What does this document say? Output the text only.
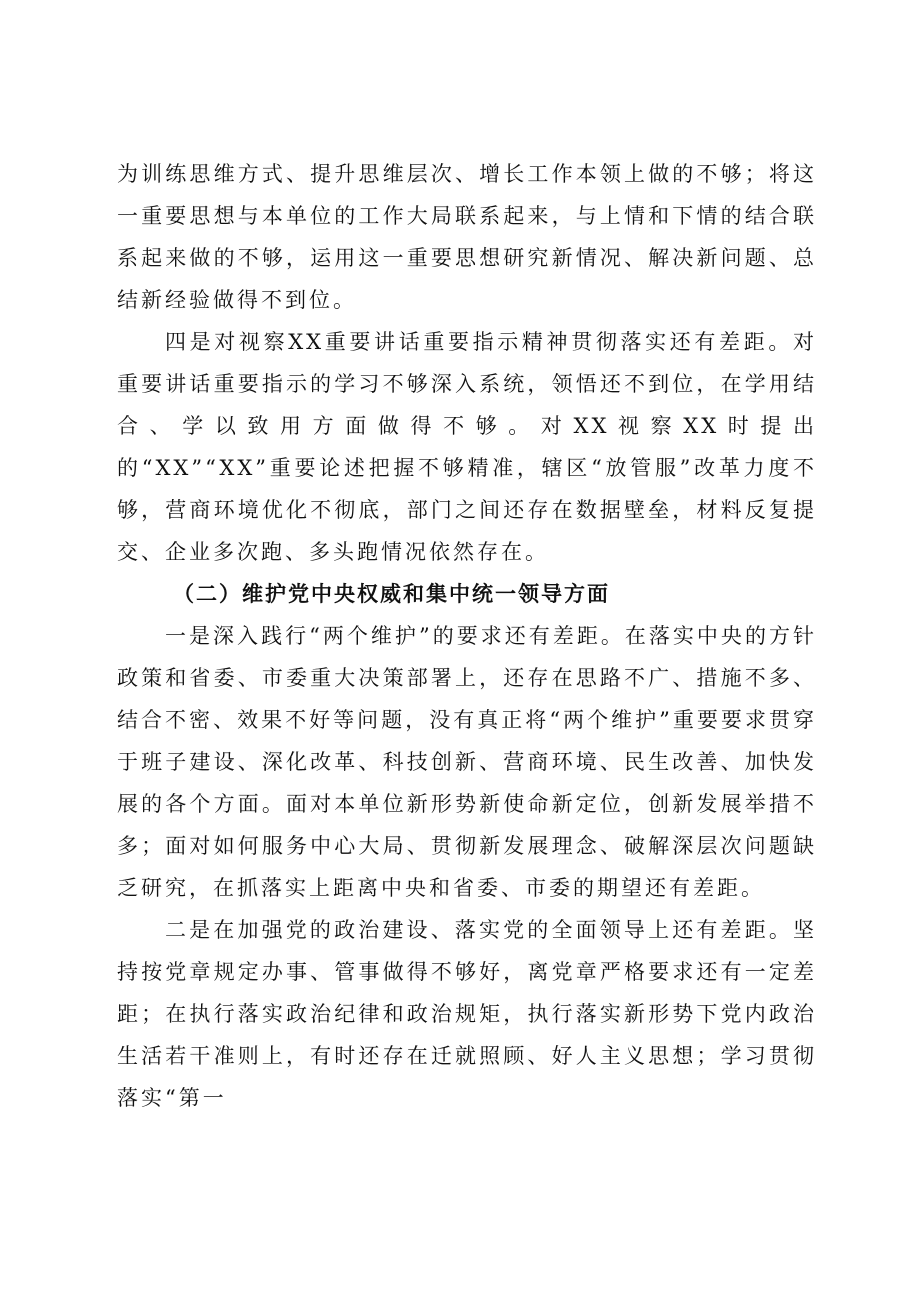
为训练思维方式、提升思维层次、增长工作本领上做的不够；将这一重要思想与本单位的工作大局联系起来，与上情和下情的结合联系起来做的不够，运用这一重要思想研究新情况、解决新问题、总结新经验做得不到位。

四是对视察XX重要讲话重要指示精神贯彻落实还有差距。对重要讲话重要指示的学习不够深入系统，领悟还不到位，在学用结合、学以致用方面做得不够。对XX视察XX时提出的“XX”“XX”重要论述把握不够精准，辖区“放管服”改革力度不够，营商环境优化不彻底，部门之间还存在数据壁垒，材料反复提交、企业多次跑、多头跑情况依然存在。

（二）维护党中央权威和集中统一领导方面

一是深入践行“两个维护”的要求还有差距。在落实中央的方针政策和省委、市委重大决策部署上，还存在思路不广、措施不多、结合不密、效果不好等问题，没有真正将“两个维护”重要要求贯穿于班子建设、深化改革、科技创新、营商环境、民生改善、加快发展的各个方面。面对本单位新形势新使命新定位，创新发展举措不多；面对如何服务中心大局、贯彻新发展理念、破解深层次问题缺乏研究，在抓落实上距离中央和省委、市委的期望还有差距。

二是在加强党的政治建设、落实党的全面领导上还有差距。坚持按党章规定办事、管事做得不够好，离党章严格要求还有一定差距；在执行落实政治纪律和政治规矩，执行落实新形势下党内政治生活若干准则上，有时还存在迁就照顾、好人主义思想；学习贯彻落实“第一
